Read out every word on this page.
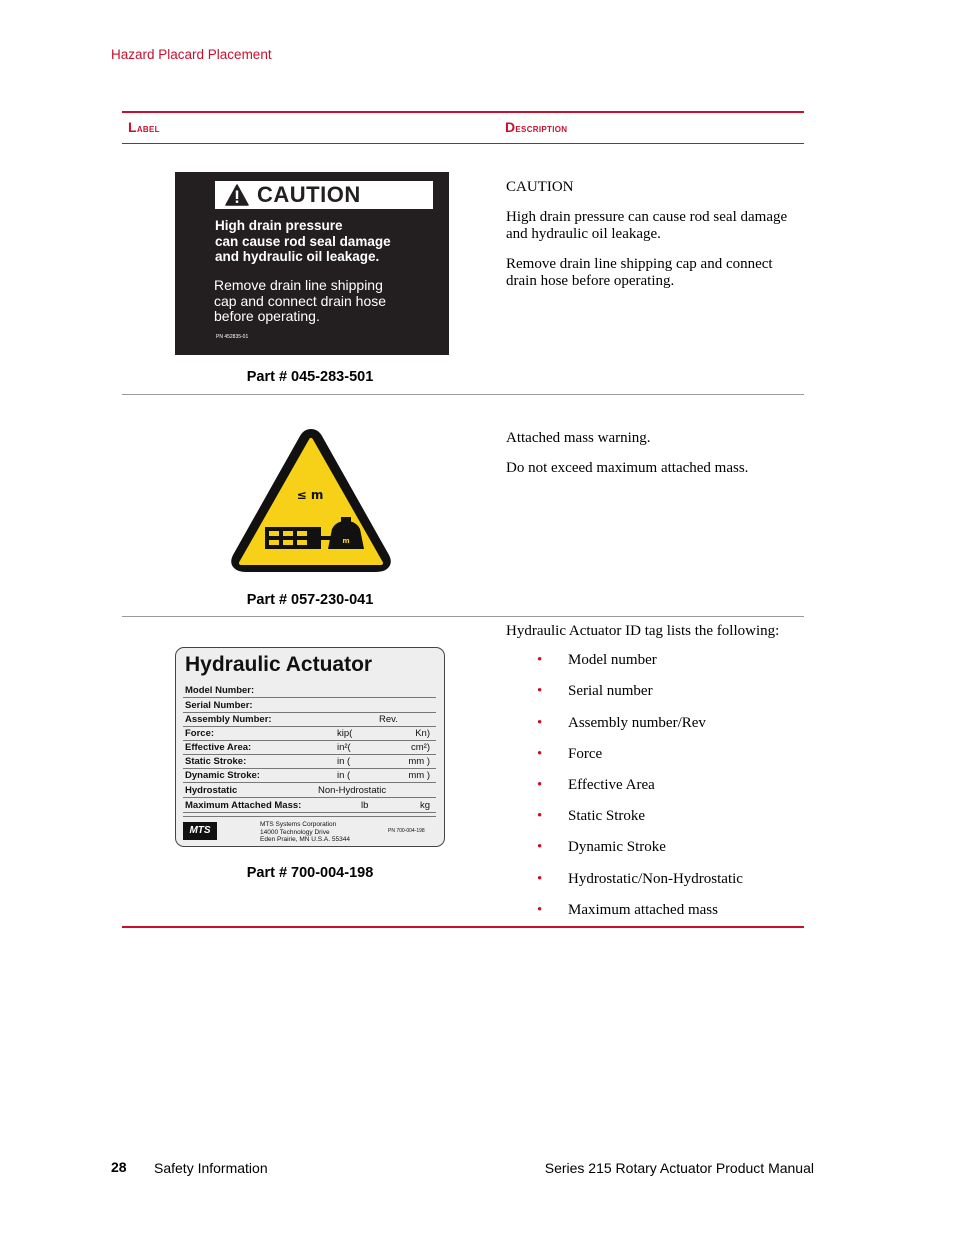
Hazard Placard Placement
Label	Description
CAUTION
High drain pressure
can cause rod seal damage
and hydraulic oil leakage.
Remove drain line shipping
cap and connect drain hose
before operating.
PN 452835-01
Part # 045-283-501

CAUTION

High drain pressure can cause rod seal damage and hydraulic oil leakage.

Remove drain line shipping cap and connect drain hose before operating.

≤ m
m
Part # 057-230-041

Attached mass warning.

Do not exceed maximum attached mass.

Hydraulic Actuator
Model Number:
Serial Number:
Assembly Number:	Rev.
Force:	kip(	Kn)
Effective Area:	in²(	cm²)
Static Stroke:	in (	mm )
Dynamic Stroke:	in (	mm )
Hydrostatic	Non-Hydrostatic
Maximum Attached Mass:	lb	kg
MTS
MTS Systems Corporation
14000 Technology Drive
Eden Prairie, MN U.S.A. 55344
PN 700-004-198
Part # 700-004-198

Hydraulic Actuator ID tag lists the following:

• Model number
• Serial number
• Assembly number/Rev
• Force
• Effective Area
• Static Stroke
• Dynamic Stroke
• Hydrostatic/Non-Hydrostatic
• Maximum attached mass
28 Safety Information	Series 215 Rotary Actuator Product Manual
